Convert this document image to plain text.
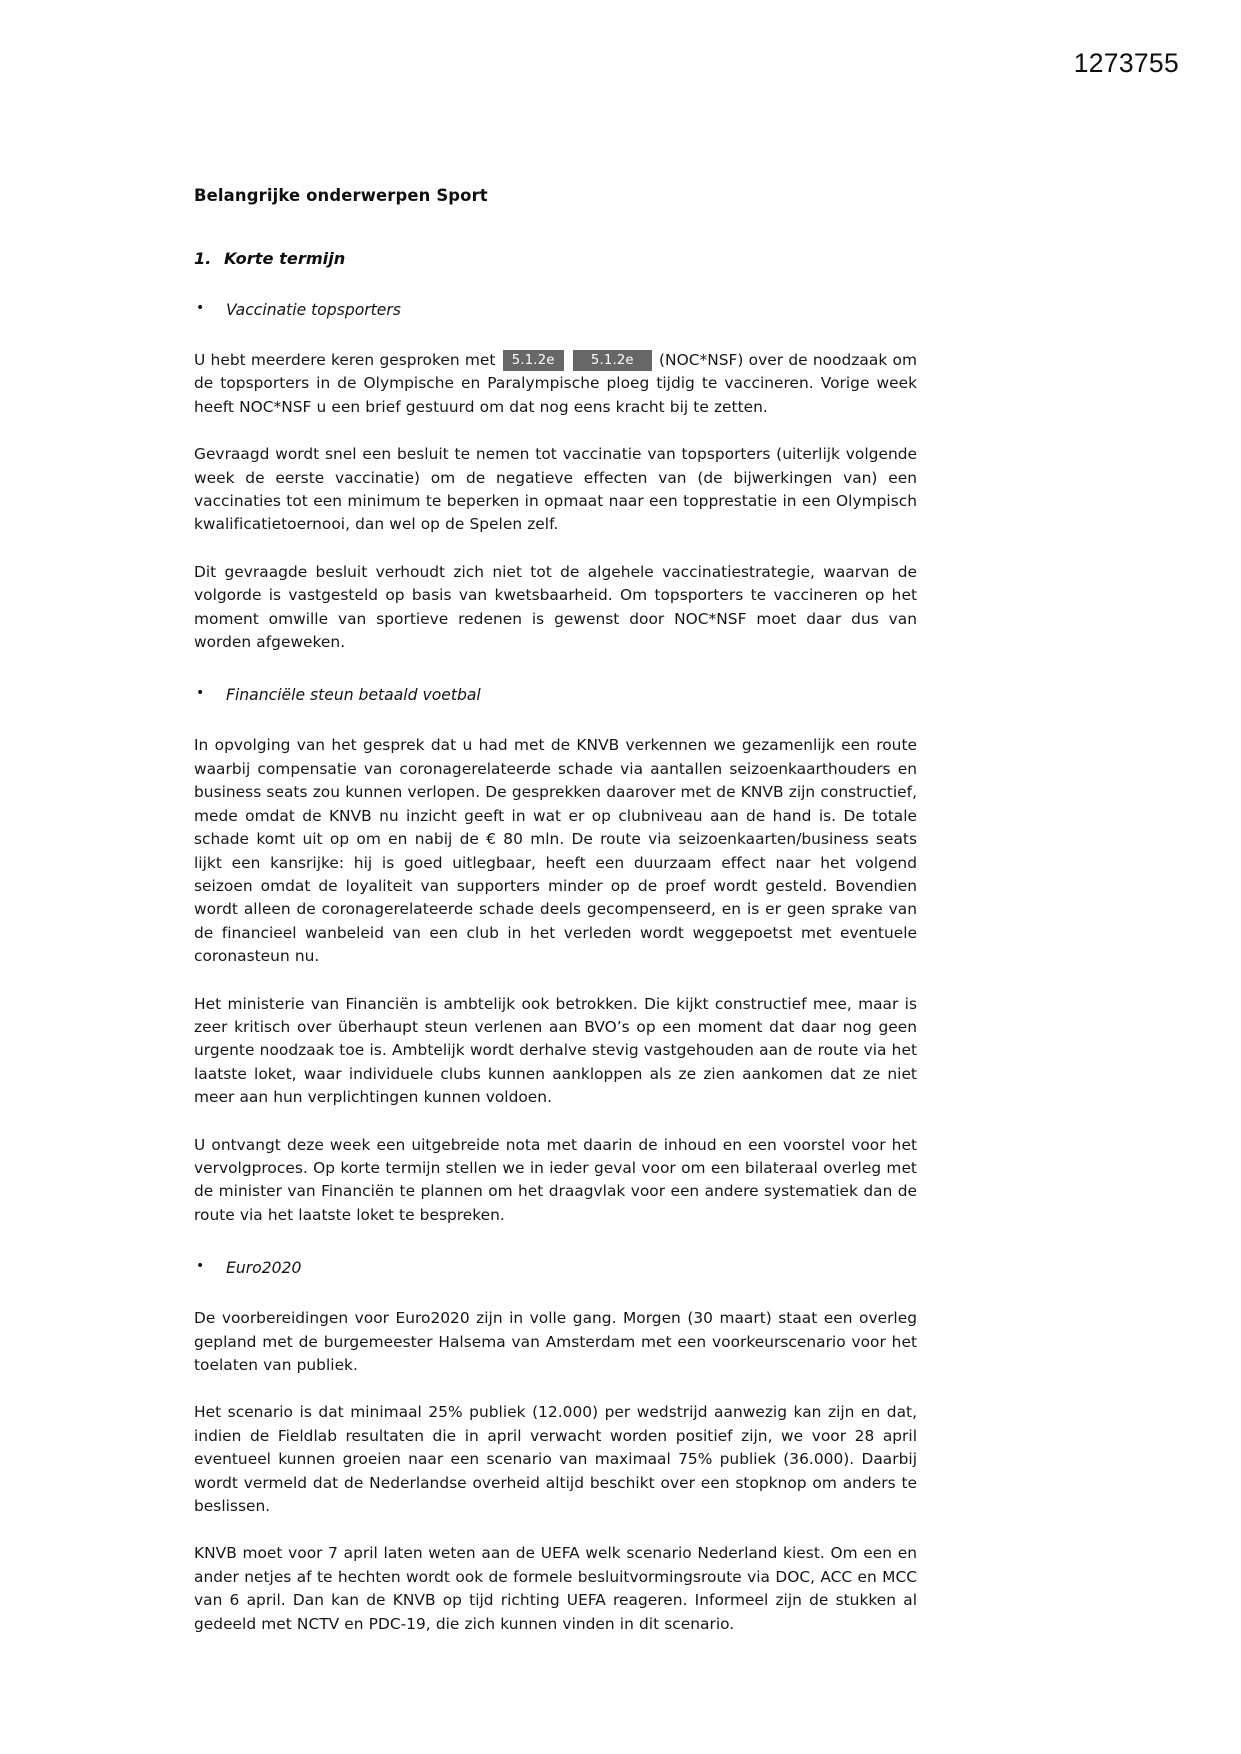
1273755
Belangrijke onderwerpen Sport
1. Korte termijn
• Vaccinatie topsporters

U hebt meerdere keren gesproken met 5.1.2e	5.1.2e (NOC*NSF) over de noodzaak om de topsporters in de Olympische en Paralympische ploeg tijdig te vaccineren. Vorige week heeft NOC*NSF u een brief gestuurd om dat nog eens kracht bij te zetten.

Gevraagd wordt snel een besluit te nemen tot vaccinatie van topsporters (uiterlijk volgende week de eerste vaccinatie) om de negatieve effecten van (de bijwerkingen van) een vaccinaties tot een minimum te beperken in opmaat naar een topprestatie in een Olympisch kwalificatietoernooi, dan wel op de Spelen zelf.

Dit gevraagde besluit verhoudt zich niet tot de algehele vaccinatiestrategie, waarvan de volgorde is vastgesteld op basis van kwetsbaarheid. Om topsporters te vaccineren op het moment omwille van sportieve redenen is gewenst door NOC*NSF moet daar dus van worden afgeweken.

• Financiële steun betaald voetbal

In opvolging van het gesprek dat u had met de KNVB verkennen we gezamenlijk een route waarbij compensatie van coronagerelateerde schade via aantallen seizoenkaarthouders en business seats zou kunnen verlopen. De gesprekken daarover met de KNVB zijn constructief, mede omdat de KNVB nu inzicht geeft in wat er op clubniveau aan de hand is. De totale schade komt uit op om en nabij de € 80 mln. De route via seizoenkaarten/business seats lijkt een kansrijke: hij is goed uitlegbaar, heeft een duurzaam effect naar het volgend seizoen omdat de loyaliteit van supporters minder op de proef wordt gesteld. Bovendien wordt alleen de coronagerelateerde schade deels gecompenseerd, en is er geen sprake van de financieel wanbeleid van een club in het verleden wordt weggepoetst met eventuele coronasteun nu.

Het ministerie van Financiën is ambtelijk ook betrokken. Die kijkt constructief mee, maar is zeer kritisch over überhaupt steun verlenen aan BVO’s op een moment dat daar nog geen urgente noodzaak toe is. Ambtelijk wordt derhalve stevig vastgehouden aan de route via het laatste loket, waar individuele clubs kunnen aankloppen als ze zien aankomen dat ze niet meer aan hun verplichtingen kunnen voldoen.

U ontvangt deze week een uitgebreide nota met daarin de inhoud en een voorstel voor het vervolgproces. Op korte termijn stellen we in ieder geval voor om een bilateraal overleg met de minister van Financiën te plannen om het draagvlak voor een andere systematiek dan de route via het laatste loket te bespreken.

• Euro2020

De voorbereidingen voor Euro2020 zijn in volle gang. Morgen (30 maart) staat een overleg gepland met de burgemeester Halsema van Amsterdam met een voorkeurscenario voor het toelaten van publiek.

Het scenario is dat minimaal 25% publiek (12.000) per wedstrijd aanwezig kan zijn en dat, indien de Fieldlab resultaten die in april verwacht worden positief zijn, we voor 28 april eventueel kunnen groeien naar een scenario van maximaal 75% publiek (36.000). Daarbij wordt vermeld dat de Nederlandse overheid altijd beschikt over een stopknop om anders te beslissen.

KNVB moet voor 7 april laten weten aan de UEFA welk scenario Nederland kiest. Om een en ander netjes af te hechten wordt ook de formele besluitvormingsroute via DOC, ACC en MCC van 6 april. Dan kan de KNVB op tijd richting UEFA reageren. Informeel zijn de stukken al gedeeld met NCTV en PDC-19, die zich kunnen vinden in dit scenario.
